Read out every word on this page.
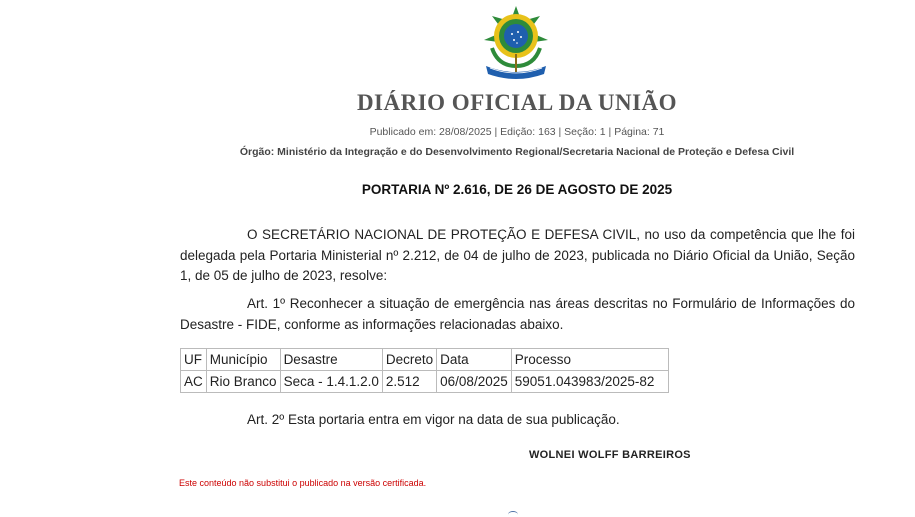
DIÁRIO OFICIAL DA UNIÃO
Publicado em: 28/08/2025 | Edição: 163 | Seção: 1 | Página: 71
Órgão: Ministério da Integração e do Desenvolvimento Regional/Secretaria Nacional de Proteção e Defesa Civil
PORTARIA Nº 2.616, DE 26 DE AGOSTO DE 2025
O SECRETÁRIO NACIONAL DE PROTEÇÃO E DEFESA CIVIL, no uso da competência que lhe foi delegada pela Portaria Ministerial nº 2.212, de 04 de julho de 2023, publicada no Diário Oficial da União, Seção 1, de 05 de julho de 2023, resolve:
Art. 1º Reconhecer a situação de emergência nas áreas descritas no Formulário de Informações do Desastre - FIDE, conforme as informações relacionadas abaixo.
UF	Município	Desastre	Decreto	Data	Processo
AC	Rio Branco	Seca - 1.4.1.2.0	2.512	06/08/2025	59051.043983/2025-82
Art. 2º Esta portaria entra em vigor na data de sua publicação.
WOLNEI WOLFF BARREIROS
Este conteúdo não substitui o publicado na versão certificada.
